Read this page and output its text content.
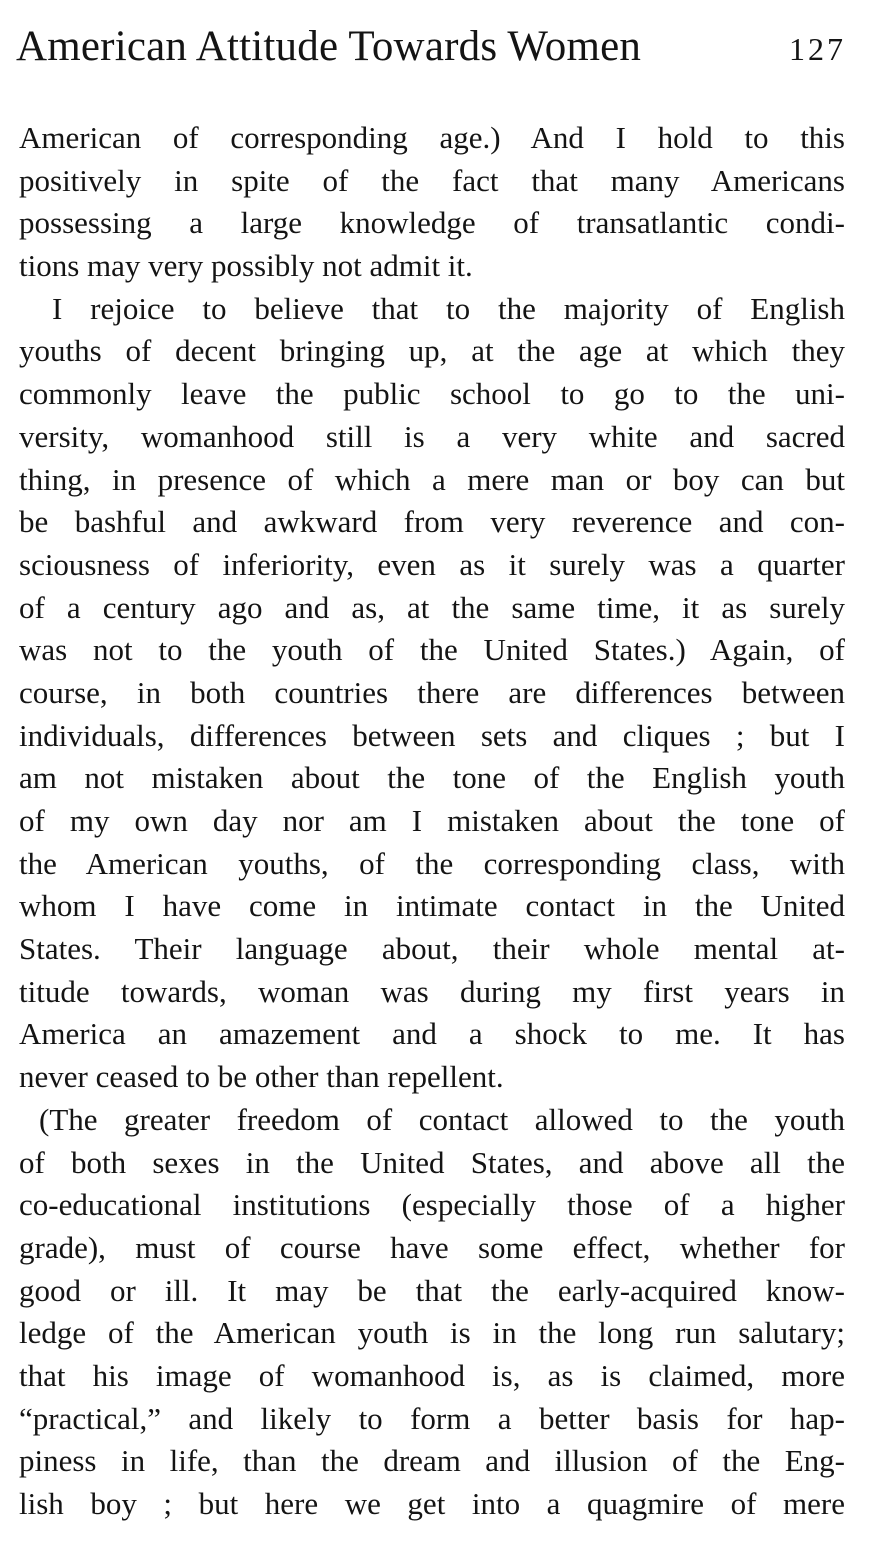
American Attitude Towards Women	127
American of corresponding age.) And I hold to this
positively in spite of the fact that many Americans
possessing a large knowledge of transatlantic condi-
tions may very possibly not admit it.
I rejoice to believe that to the majority of English
youths of decent bringing up, at the age at which they
commonly leave the public school to go to the uni-
versity, womanhood still is a very white and sacred
thing, in presence of which a mere man or boy can but
be bashful and awkward from very reverence and con-
sciousness of inferiority, even as it surely was a quarter
of a century ago and as, at the same time, it as surely
was not to the youth of the United States.) Again, of
course, in both countries there are differences between
individuals, differences between sets and cliques ; but I
am not mistaken about the tone of the English youth
of my own day nor am I mistaken about the tone of
the American youths, of the corresponding class, with
whom I have come in intimate contact in the United
States. Their language about, their whole mental at-
titude towards, woman was during my first years in
America an amazement and a shock to me. It has
never ceased to be other than repellent.
(The greater freedom of contact allowed to the youth
of both sexes in the United States, and above all the
co-educational institutions (especially those of a higher
grade), must of course have some effect, whether for
good or ill. It may be that the early-acquired know-
ledge of the American youth is in the long run salutary;
that his image of womanhood is, as is claimed, more
“practical,” and likely to form a better basis for hap-
piness in life, than the dream and illusion of the Eng-
lish boy ; but here we get into a quagmire of mere
